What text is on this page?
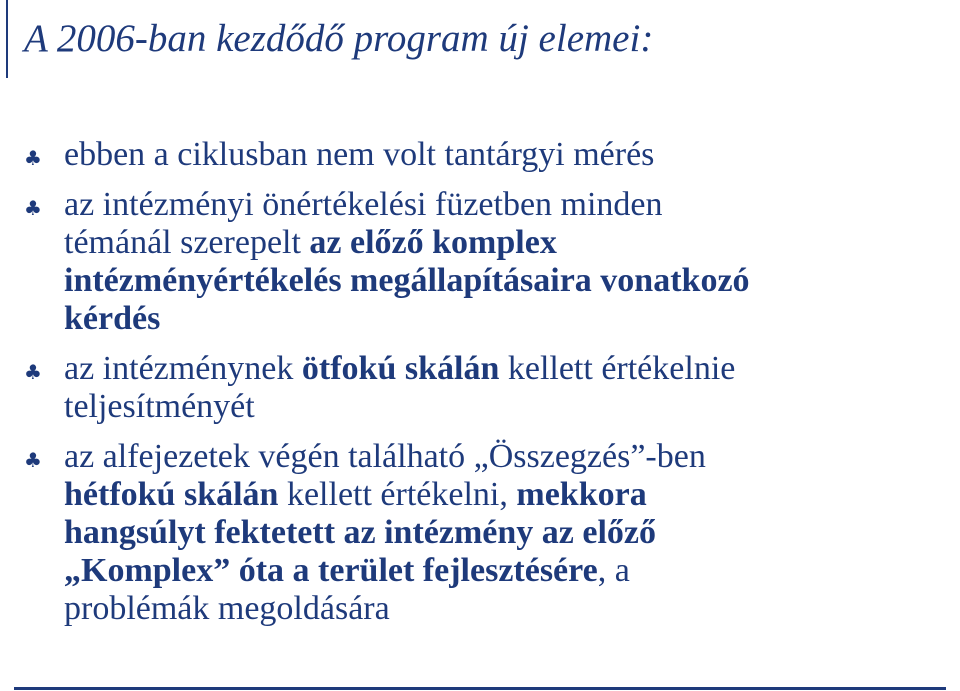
A 2006-ban kezdődő program új elemei:
♣ ebben a ciklusban nem volt tantárgyi mérés
♣ az intézményi önértékelési füzetben minden
témánál szerepelt az előző komplex
intézményértékelés megállapításaira vonatkozó
kérdés
♣ az intézménynek ötfokú skálán kellett értékelnie
teljesítményét
♣ az alfejezetek végén található „Összegzés”-ben
hétfokú skálán kellett értékelni, mekkora
hangsúlyt fektetett az intézmény az előző
„Komplex” óta a terület fejlesztésére, a
problémák megoldására
